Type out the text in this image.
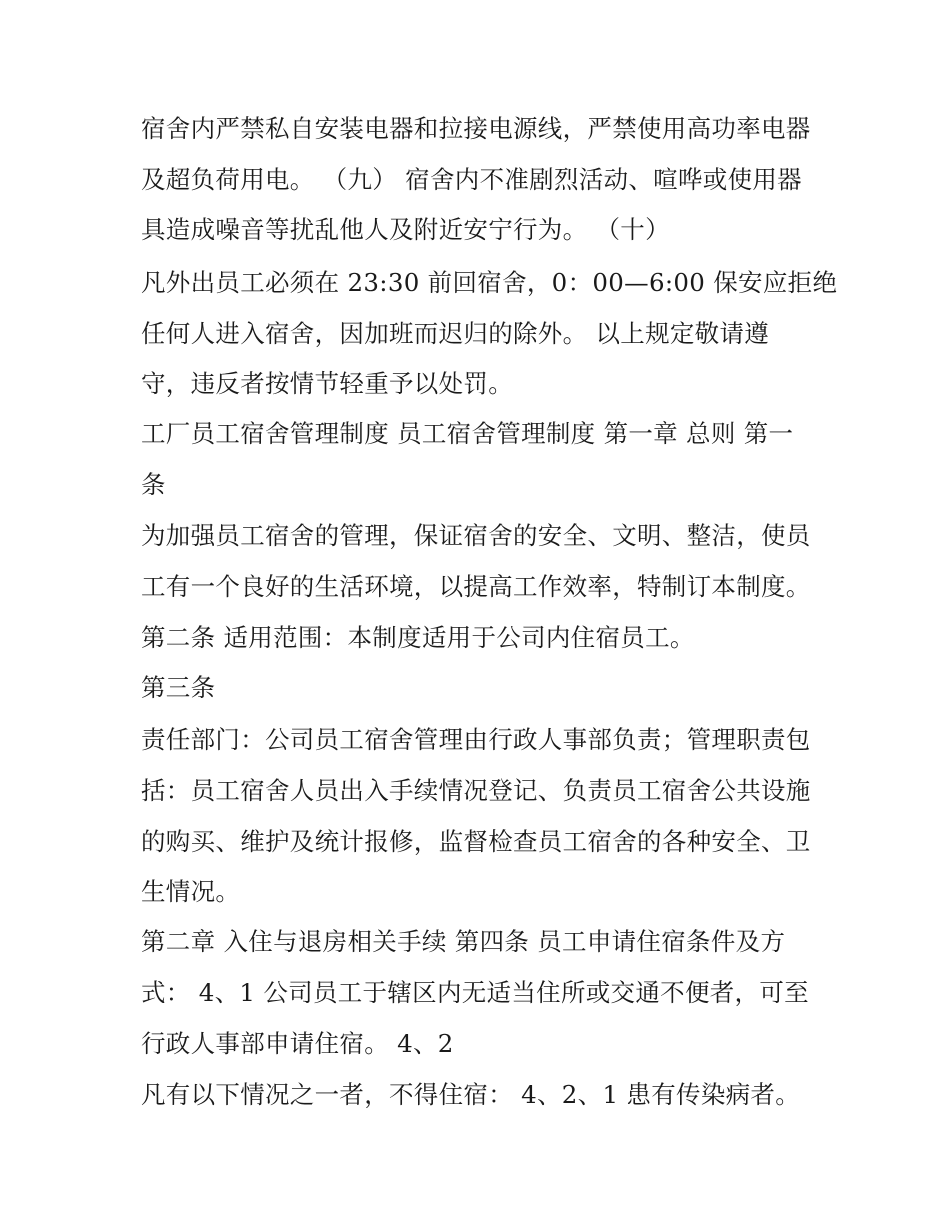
宿舍内严禁私自安装电器和拉接电源线，严禁使用高功率电器
及超负荷用电。 （九） 宿舍内不准剧烈活动、喧哗或使用器
具造成噪音等扰乱他人及附近安宁行为。 （十）
凡外出员工必须在 23:30 前回宿舍，0：00—6:00 保安应拒绝
任何人进入宿舍，因加班而迟归的除外。 以上规定敬请遵
守，违反者按情节轻重予以处罚。
工厂员工宿舍管理制度 员工宿舍管理制度 第一章 总则 第一
条
为加强员工宿舍的管理，保证宿舍的安全、文明、整洁，使员
工有一个良好的生活环境，以提高工作效率，特制订本制度。
第二条 适用范围：本制度适用于公司内住宿员工。
第三条
责任部门：公司员工宿舍管理由行政人事部负责；管理职责包
括：员工宿舍人员出入手续情况登记、负责员工宿舍公共设施
的购买、维护及统计报修，监督检查员工宿舍的各种安全、卫
生情况。
第二章 入住与退房相关手续 第四条 员工申请住宿条件及方
式： 4、1 公司员工于辖区内无适当住所或交通不便者，可至
行政人事部申请住宿。 4、2
凡有以下情况之一者，不得住宿： 4、2、1 患有传染病者。
